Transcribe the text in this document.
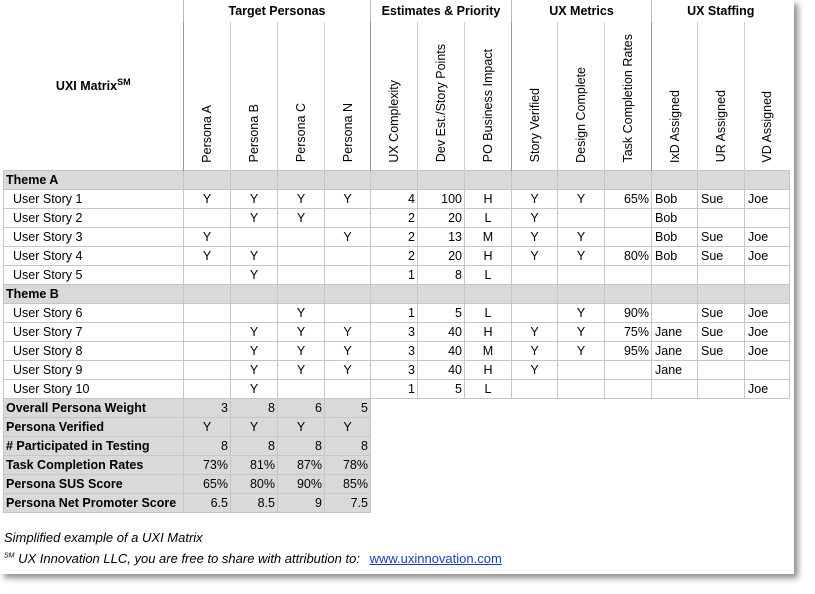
UXI Matrix℠	Target Personas				Estimates & Priority			UX Metrics			UX Staffing		
	Persona A	Persona B	Persona C	Persona N	UX Complexity	Dev Est./Story Points	PO Business Impact	Story Verified	Design Complete	Task Completion Rates	IxD Assigned	UR Assigned	VD Assigned
Theme A													
User Story 1	Y	Y	Y	Y	4	100	H	Y	Y	65%	Bob	Sue	Joe
User Story 2		Y	Y		2	20	L	Y			Bob		
User Story 3	Y			Y	2	13	M	Y	Y		Bob	Sue	Joe
User Story 4	Y	Y			2	20	H	Y	Y	80%	Bob	Sue	Joe
User Story 5		Y			1	8	L						
Theme B													
User Story 6			Y		1	5	L		Y	90%		Sue	Joe
User Story 7		Y	Y	Y	3	40	H	Y	Y	75%	Jane	Sue	Joe
User Story 8		Y	Y	Y	3	40	M	Y	Y	95%	Jane	Sue	Joe
User Story 9		Y	Y	Y	3	40	H	Y			Jane		
User Story 10		Y			1	5	L						Joe
Overall Persona Weight	3	8	6	5									
Persona Verified	Y	Y	Y	Y									
# Participated in Testing	8	8	8	8									
Task Completion Rates	73%	81%	87%	78%									
Persona SUS Score	65%	80%	90%	85%									
Persona Net Promoter Score	6.5	8.5	9	7.5									
Simplified example of a UXI Matrix
℠ UX Innovation LLC, you are free to share with attribution to: www.uxinnovation.com
